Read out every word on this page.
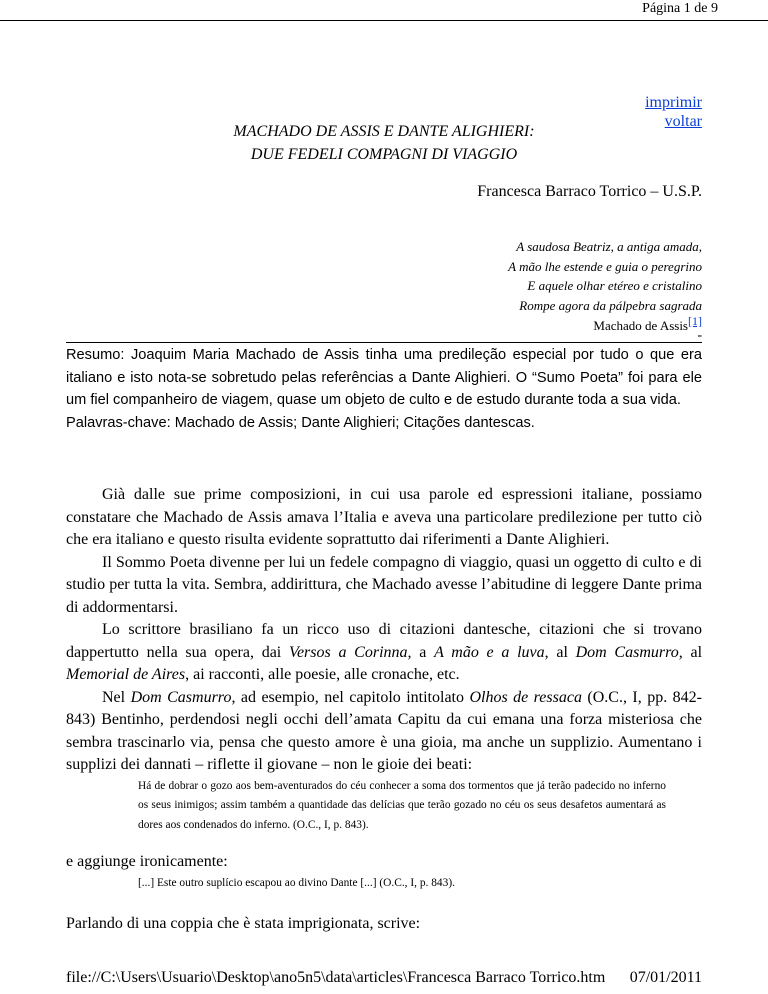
Página 1 de 9
imprimir
voltar
MACHADO DE ASSIS E DANTE ALIGHIERI:
DUE FEDELI COMPAGNI DI VIAGGIO
Francesca Barraco Torrico – U.S.P.
A saudosa Beatriz, a antiga amada,
A mão lhe estende e guia o peregrino
E aquele olhar etéreo e cristalino
Rompe agora da pálpebra sagrada
Machado de Assis[1]
-

Resumo: Joaquim Maria Machado de Assis tinha uma predileção especial por tudo o que era italiano e isto nota-se sobretudo pelas referências a Dante Alighieri. O “Sumo Poeta” foi para ele um fiel companheiro de viagem, quase um objeto de culto e de estudo durante toda a sua vida.

Palavras-chave: Machado de Assis; Dante Alighieri; Citações dantescas.

Già dalle sue prime composizioni, in cui usa parole ed espressioni italiane, possiamo constatare che Machado de Assis amava l’Italia e aveva una particolare predilezione per tutto ciò che era italiano e questo risulta evidente soprattutto dai riferimenti a Dante Alighieri.

Il Sommo Poeta divenne per lui un fedele compagno di viaggio, quasi un oggetto di culto e di studio per tutta la vita. Sembra, addirittura, che Machado avesse l’abitudine di leggere Dante prima di addormentarsi.

Lo scrittore brasiliano fa un ricco uso di citazioni dantesche, citazioni che si trovano dappertutto nella sua opera, dai Versos a Corinna, a A mão e a luva, al Dom Casmurro, al Memorial de Aires, ai racconti, alle poesie, alle cronache, etc.

Nel Dom Casmurro, ad esempio, nel capitolo intitolato Olhos de ressaca (O.C., I, pp. 842-843) Bentinho, perdendosi negli occhi dell’amata Capitu da cui emana una forza misteriosa che sembra trascinarlo via, pensa che questo amore è una gioia, ma anche un supplizio. Aumentano i supplizi dei dannati – riflette il giovane – non le gioie dei beati:

Há de dobrar o gozo aos bem-aventurados do céu conhecer a soma dos tormentos que já terão padecido no inferno os seus inimigos; assim também a quantidade das delícias que terão gozado no céu os seus desafetos aumentará as dores aos condenados do inferno. (O.C., I, p. 843).
e aggiunge ironicamente:
[...] Este outro suplício escapou ao divino Dante [...] (O.C., I, p. 843).
Parlando di una coppia che è stata imprigionata, scrive:
file://C:\Users\Usuario\Desktop\ano5n5\data\articles\Francesca Barraco Torrico.htm 07/01/2011
